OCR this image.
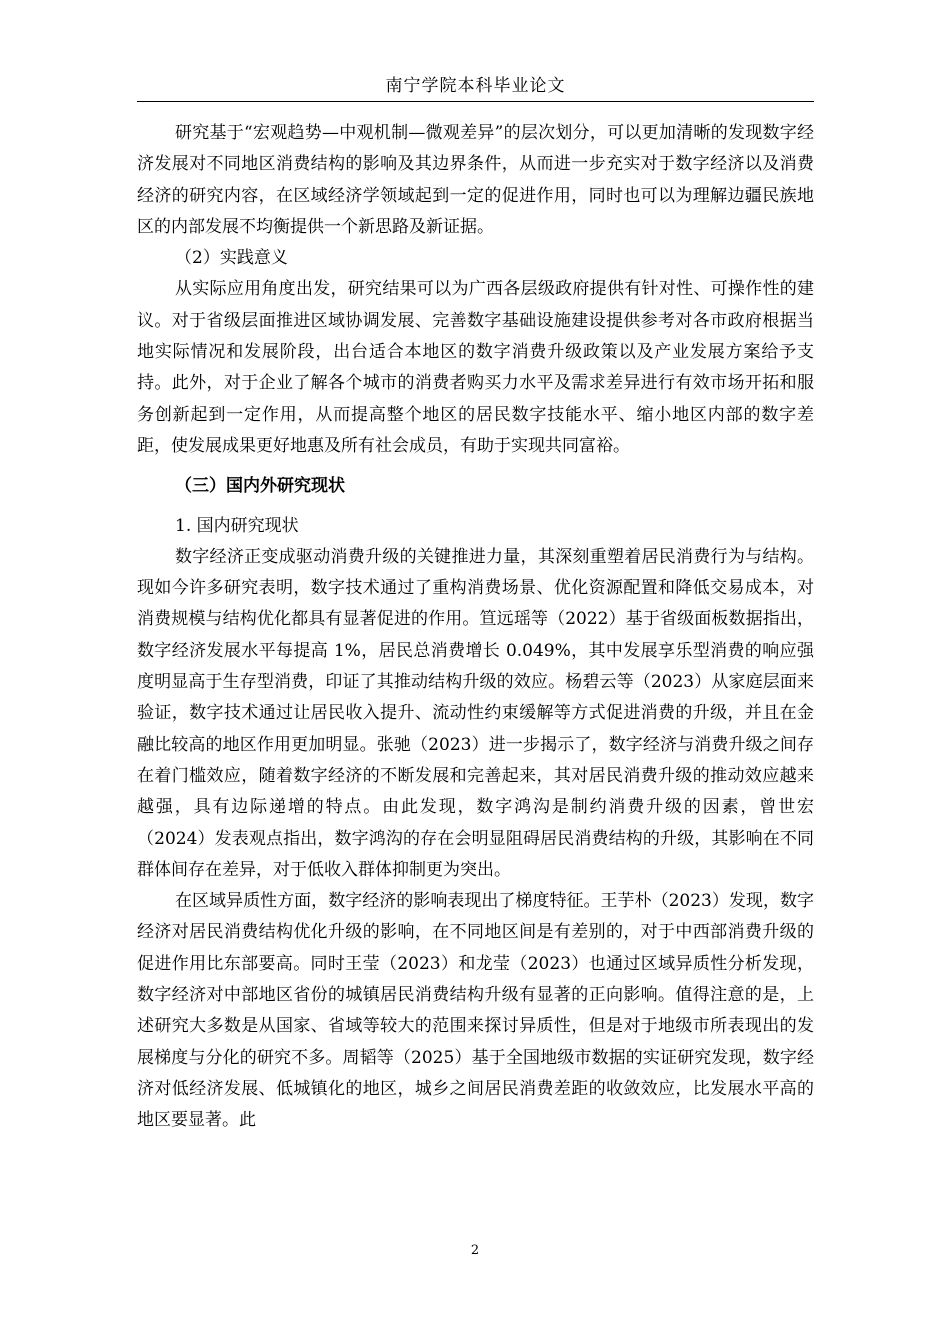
南宁学院本科毕业论文

研究基于“宏观趋势—中观机制—微观差异”的层次划分，可以更加清晰的发现数字经济发展对不同地区消费结构的影响及其边界条件，从而进一步充实对于数字经济以及消费经济的研究内容，在区域经济学领域起到一定的促进作用，同时也可以为理解边疆民族地区的内部发展不均衡提供一个新思路及新证据。

（2）实践意义

从实际应用角度出发，研究结果可以为广西各层级政府提供有针对性、可操作性的建议。对于省级层面推进区域协调发展、完善数字基础设施建设提供参考对各市政府根据当地实际情况和发展阶段，出台适合本地区的数字消费升级政策以及产业发展方案给予支持。此外，对于企业了解各个城市的消费者购买力水平及需求差异进行有效市场开拓和服务创新起到一定作用，从而提高整个地区的居民数字技能水平、缩小地区内部的数字差距，使发展成果更好地惠及所有社会成员，有助于实现共同富裕。

（三）国内外研究现状

1. 国内研究现状

数字经济正变成驱动消费升级的关键推进力量，其深刻重塑着居民消费行为与结构。现如今许多研究表明，数字技术通过了重构消费场景、优化资源配置和降低交易成本，对消费规模与结构优化都具有显著促进的作用。笪远瑶等（2022）基于省级面板数据指出，数字经济发展水平每提高 1%，居民总消费增长 0.049%，其中发展享乐型消费的响应强度明显高于生存型消费，印证了其推动结构升级的效应。杨碧云等（2023）从家庭层面来验证，数字技术通过让居民收入提升、流动性约束缓解等方式促进消费的升级，并且在金融比较高的地区作用更加明显。张驰（2023）进一步揭示了，数字经济与消费升级之间存在着门槛效应，随着数字经济的不断发展和完善起来，其对居民消费升级的推动效应越来越强，具有边际递增的特点。由此发现，数字鸿沟是制约消费升级的因素，曾世宏（2024）发表观点指出，数字鸿沟的存在会明显阻碍居民消费结构的升级，其影响在不同群体间存在差异，对于低收入群体抑制更为突出。

在区域异质性方面，数字经济的影响表现出了梯度特征。王芋朴（2023）发现，数字经济对居民消费结构优化升级的影响，在不同地区间是有差别的，对于中西部消费升级的促进作用比东部要高。同时王莹（2023）和龙莹（2023）也通过区域异质性分析发现，数字经济对中部地区省份的城镇居民消费结构升级有显著的正向影响。值得注意的是，上述研究大多数是从国家、省域等较大的范围来探讨异质性，但是对于地级市所表现出的发展梯度与分化的研究不多。周韬等（2025）基于全国地级市数据的实证研究发现，数字经济对低经济发展、低城镇化的地区，城乡之间居民消费差距的收敛效应，比发展水平高的地区要显著。此

2
